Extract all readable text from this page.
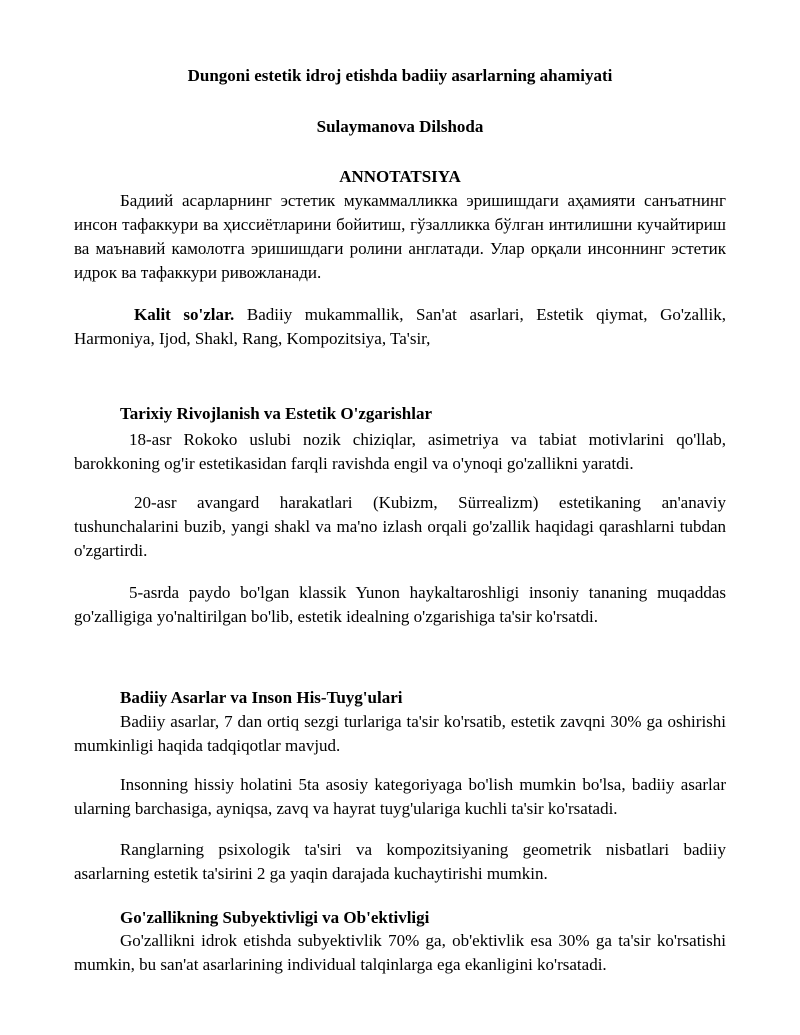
Dungoni estetik idroj etishda badiiy asarlarning ahamiyati

Sulaymanova Dilshoda

ANNOTATSIYA

Бадиий асарларнинг эстетик мукаммалликка эришишдаги аҳамияти санъатнинг инсон тафаккури ва ҳиссиётларини бойитиш, гўзалликка бўлган интилишни кучайтириш ва маънавий камолотга эришишдаги ролини англатади. Улар орқали инсоннинг эстетик идрок ва тафаккури ривожланади.

Kalit so'zlar. Badiiy mukammallik, San'at asarlari, Estetik qiymat, Go'zallik, Harmoniya, Ijod, Shakl, Rang, Kompozitsiya, Ta'sir,

Tarixiy Rivojlanish va Estetik O'zgarishlar

18-asr Rokoko uslubi nozik chiziqlar, asimetriya va tabiat motivlarini qo'llab, barokkoning og'ir estetikasidan farqli ravishda engil va o'ynoqi go'zallikni yaratdi.

20-asr avangard harakatlari (Kubizm, Sürrealizm) estetikaning an'anaviy tushunchalarini buzib, yangi shakl va ma'no izlash orqali go'zallik haqidagi qarashlarni tubdan o'zgartirdi.

5-asrda paydo bo'lgan klassik Yunon haykaltaroshligi insoniy tananing muqaddas go'zalligiga yo'naltirilgan bo'lib, estetik idealning o'zgarishiga ta'sir ko'rsatdi.

Badiiy Asarlar va Inson His-Tuyg'ulari

Badiiy asarlar, 7 dan ortiq sezgi turlariga ta'sir ko'rsatib, estetik zavqni 30% ga oshirishi mumkinligi haqida tadqiqotlar mavjud.

Insonning hissiy holatini 5ta asosiy kategoriyaga bo'lish mumkin bo'lsa, badiiy asarlar ularning barchasiga, ayniqsa, zavq va hayrat tuyg'ulariga kuchli ta'sir ko'rsatadi.

Ranglarning psixologik ta'siri va kompozitsiyaning geometrik nisbatlari badiiy asarlarning estetik ta'sirini 2 ga yaqin darajada kuchaytirishi mumkin.

Go'zallikning Subyektivligi va Ob'ektivligi

Go'zallikni idrok etishda subyektivlik 70% ga, ob'ektivlik esa 30% ga ta'sir ko'rsatishi mumkin, bu san'at asarlarining individual talqinlarga ega ekanligini ko'rsatadi.
